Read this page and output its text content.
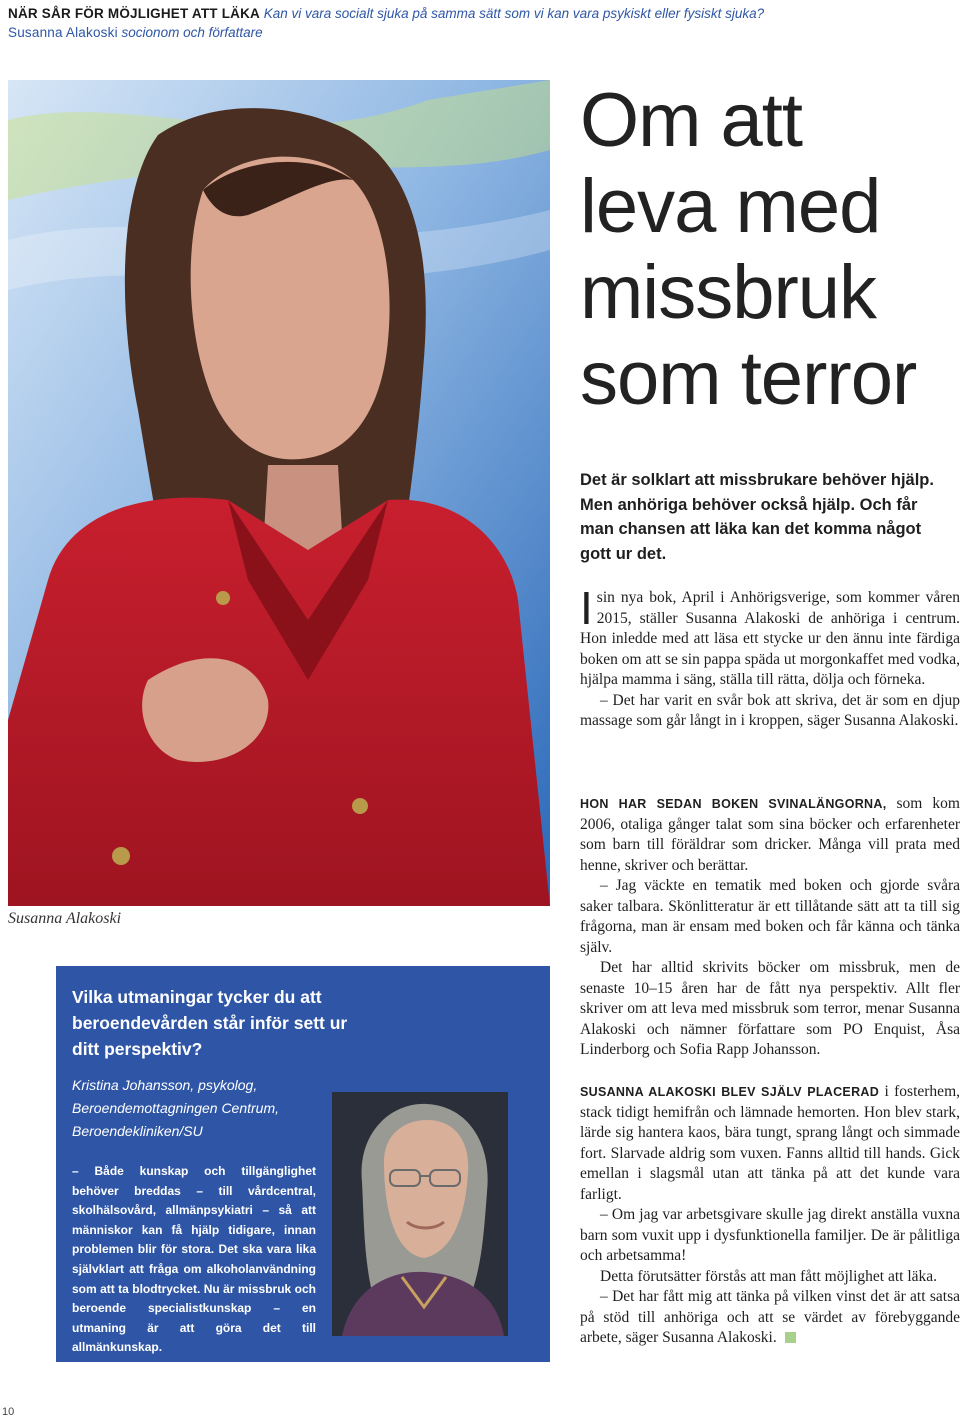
NÄR SÅR FÖR MÖJLIGHET ATT LÄKA Kan vi vara socialt sjuka på samma sätt som vi kan vara psykiskt eller fysiskt sjuka?
Susanna Alakoski socionom och författare
Susanna Alakoski
Om att
leva med
missbruk
som terror
Det är solklart att missbrukare behöver hjälp. Men anhöriga behöver också hjälp. Och får man chansen att läka kan det komma något gott ur det.

Isin nya bok, April i Anhörigsverige, som kommer våren 2015, ställer Susanna Alakoski de anhöriga i centrum. Hon inledde med att läsa ett stycke ur den ännu inte färdiga boken om att se sin pappa späda ut morgonkaffet med vodka, hjälpa mamma i säng, ställa till rätta, dölja och förneka.

– Det har varit en svår bok att skriva, det är som en djup massage som går långt in i kroppen, säger Susanna Alakoski.

HON HAR SEDAN BOKEN SVINALÄNGORNA, som kom 2006, otaliga gånger talat som sina böcker och erfarenheter som barn till föräldrar som dricker. Många vill prata med henne, skriver och berättar.

– Jag väckte en tematik med boken och gjorde svåra saker talbara. Skönlitteratur är ett tillåtande sätt att ta till sig frågorna, man är ensam med boken och får känna och tänka själv.

Det har alltid skrivits böcker om missbruk, men de senaste 10–15 åren har de fått nya perspektiv. Allt fler skriver om att leva med missbruk som terror, menar Susanna Alakoski och nämner författare som PO Enquist, Åsa Linderborg och Sofia Rapp Johansson.

SUSANNA ALAKOSKI BLEV SJÄLV PLACERAD i fosterhem, stack tidigt hemifrån och lämnade hemorten. Hon blev stark, lärde sig hantera kaos, bära tungt, sprang långt och simmade fort. Slarvade aldrig som vuxen. Fanns alltid till hands. Gick emellan i slagsmål utan att tänka på att det kunde vara farligt.

– Om jag var arbetsgivare skulle jag direkt anställa vuxna barn som vuxit upp i dysfunktionella familjer. De är pålitliga och arbetsamma!

Detta förutsätter förstås att man fått möjlighet att läka.

– Det har fått mig att tänka på vilken vinst det är att satsa på stöd till anhöriga och att se värdet av förebyggande arbete, säger Susanna Alakoski.

Vilka utmaningar tycker du att beroendevården står inför sett ur ditt perspektiv?
Kristina Johansson, psykolog,
Beroendemottagningen Centrum,
Beroendekliniken/SU
– Både kunskap och tillgänglighet behöver breddas – till vårdcentral, skolhälsovård, allmänpsykiatri – så att människor kan få hjälp tidigare, innan problemen blir för stora. Det ska vara lika självklart att fråga om alkoholanvändning som att ta blodtrycket. Nu är missbruk och beroende specialistkunskap – en utmaning är att göra det till allmänkunskap.
10
